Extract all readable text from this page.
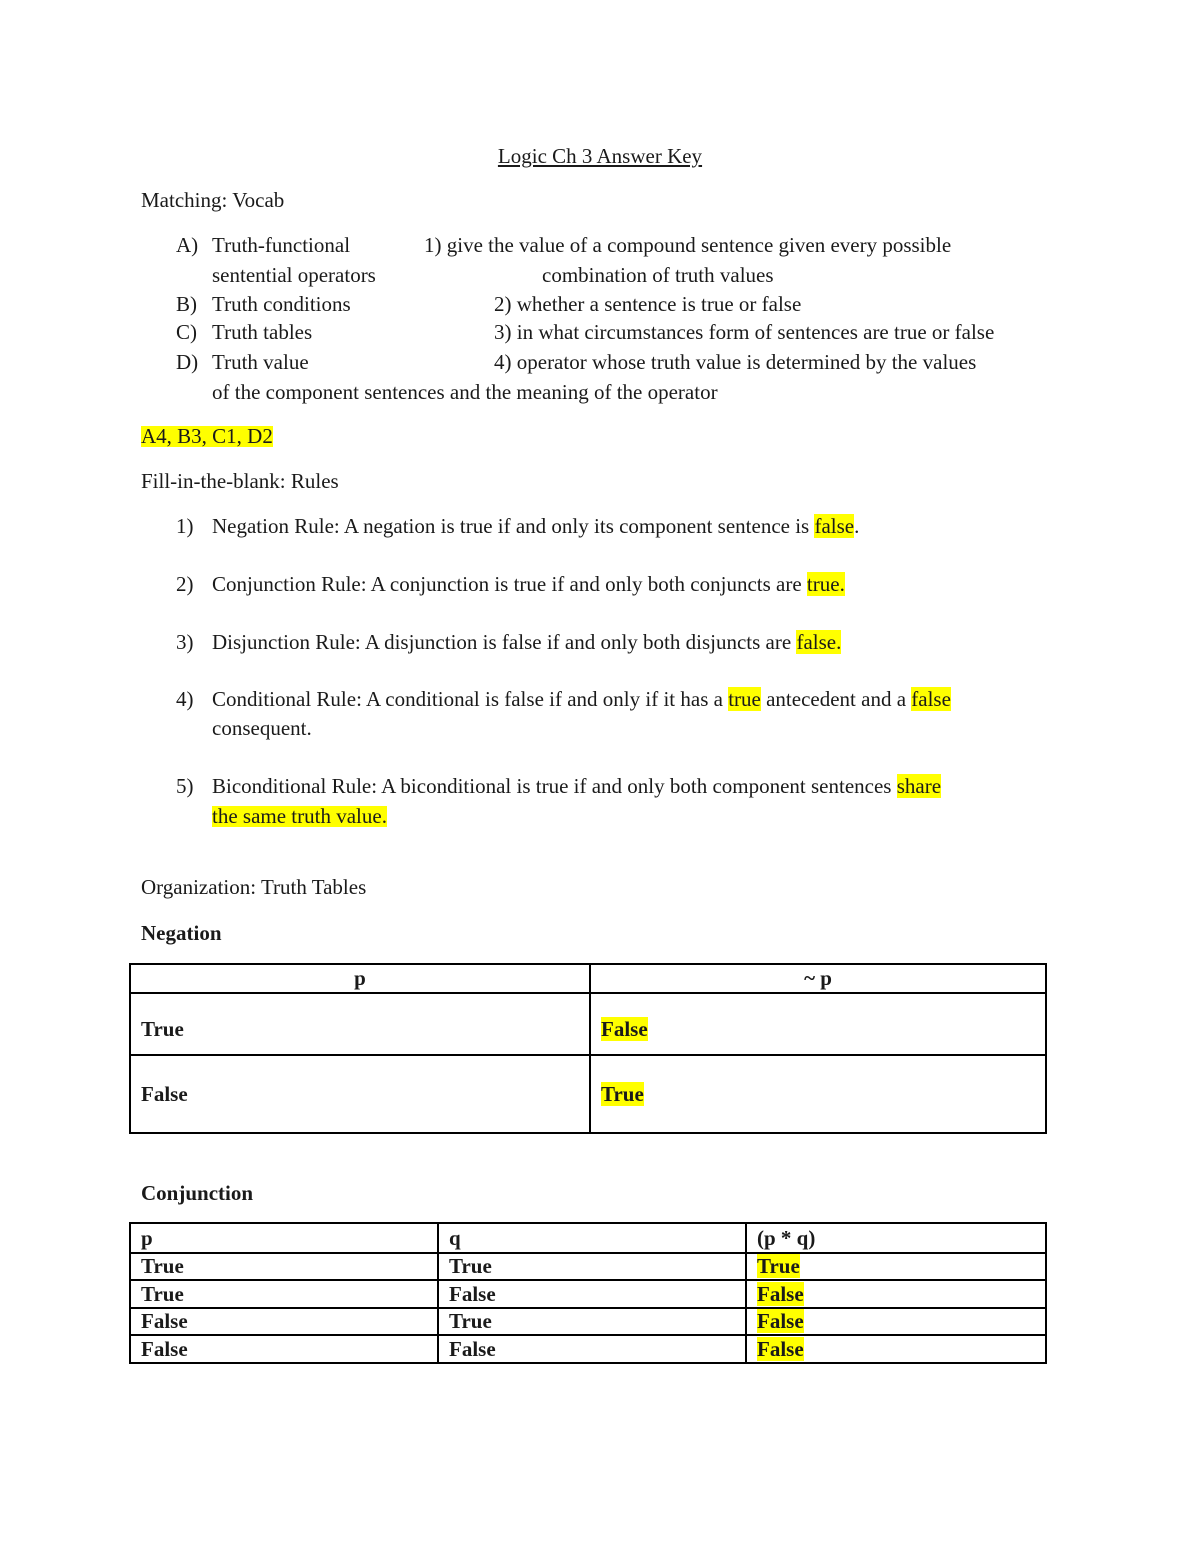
Logic Ch 3 Answer Key
Matching: Vocab
A) Truth-functional
sentential operators
1) give the value of a compound sentence given every possible
combination of truth values
B) Truth conditions	2) whether a sentence is true or false
C) Truth tables	3) in what circumstances form of sentences are true or false
D) Truth value	4) operator whose truth value is determined by the values
of the component sentences and the meaning of the operator
A4, B3, C1, D2
Fill-in-the-blank: Rules
1) Negation Rule: A negation is true if and only its component sentence is false.
2) Conjunction Rule: A conjunction is true if and only both conjuncts are true.
3) Disjunction Rule: A disjunction is false if and only both disjuncts are false.
4) Conditional Rule: A conditional is false if and only if it has a true antecedent and a false
consequent.
5) Biconditional Rule: A biconditional is true if and only both component sentences share
the same truth value.
Organization: Truth Tables
Negation
p	~ p
True	False
False	True
Conjunction
p	q	(p * q)
True	True	True
True	False	False
False	True	False
False	False	False
